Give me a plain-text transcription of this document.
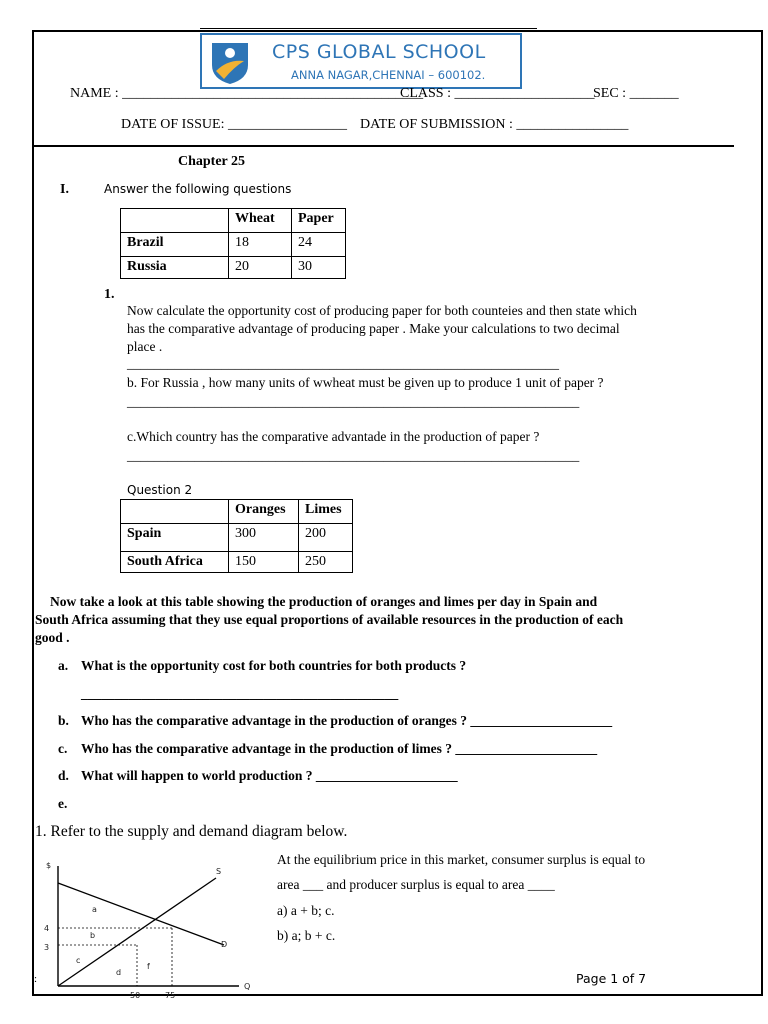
CPS GLOBAL SCHOOL
ANNA NAGAR,CHENNAI – 600102.
NAME : ___________________________________________
CLASS : ____________________
SEC : _______
DATE OF ISSUE: _________________ DATE OF SUBMISSION : ________________
Chapter 25
I.	Answer the following questions
	Wheat	Paper
Brazil	18	24
Russia	20	30
1.
Now calculate the opportunity cost of producing paper for both counteies and then state which
has the comparative advantage of producing paper . Make your calculations to two decimal
place .
________________________________________________________________
b. For Russia , how many units of wwheat must be given up to produce 1 unit of paper ?
___________________________________________________________________
c.Which country has the comparative advantade in the production of paper ?
___________________________________________________________________
Question 2
	Oranges	Limes
Spain	300	200
South Africa	150	250
Now take a look at this table showing the production of oranges and limes per day in Spain and
South Africa assuming that they use equal proportions of available resources in the production of each
good .
a. What is the opportunity cost for both countries for both products ?
_______________________________________________
b. Who has the comparative advantage in the production of oranges ? _____________________
c. Who has the comparative advantage in the production of limes ? _____________________
d. What will happen to world production ? _____________________
e.
1. Refer to the supply and demand diagram below.
At the equilibrium price in this market, consumer surplus is equal to
area ___ and producer surplus is equal to area ____
a) a + b; c.
b) a; b + c.
$
Q
S
D
4
3
50	75
a
b
c
d
f
:	Page 1 of 7
